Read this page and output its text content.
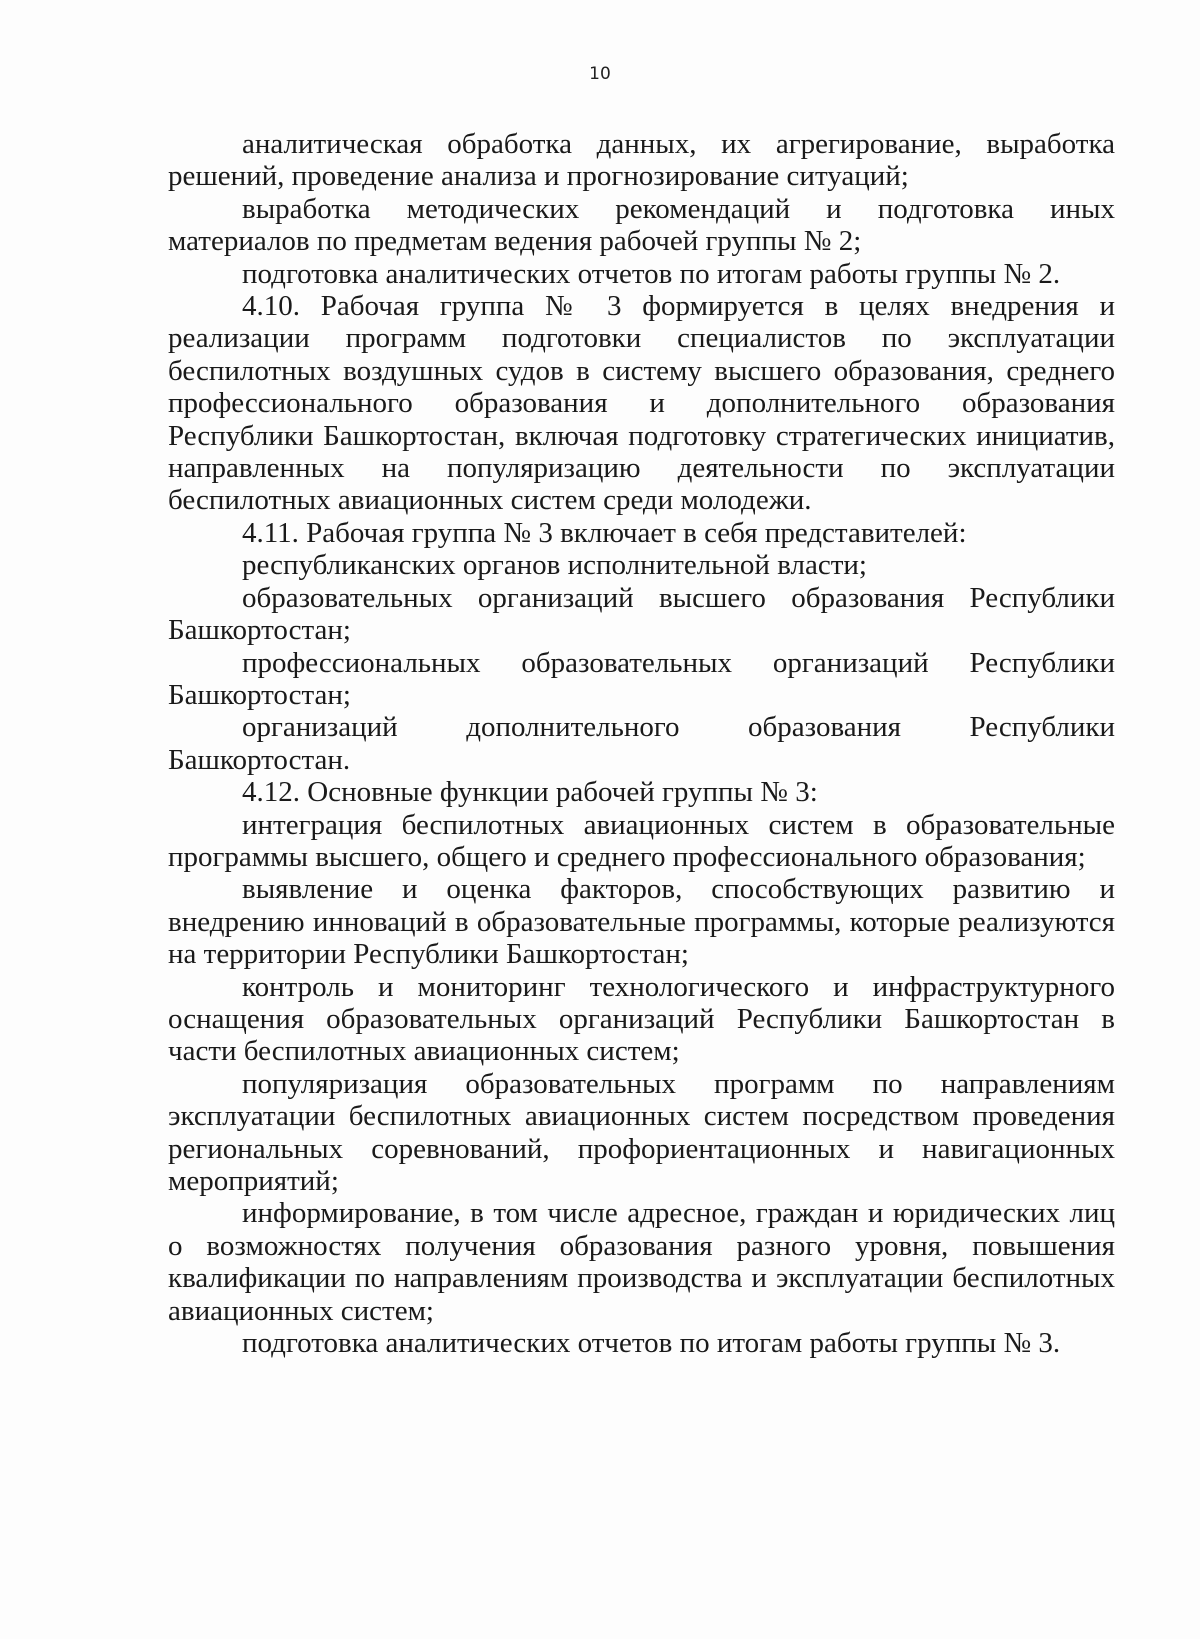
10

аналитическая обработка данных, их агрегирование, выработка решений, проведение анализа и прогнозирование ситуаций;

выработка методических рекомендаций и подготовка иных материалов по предметам ведения рабочей группы № 2;

подготовка аналитических отчетов по итогам работы группы № 2.

4.10. Рабочая группа № 3 формируется в целях внедрения и реализации программ подготовки специалистов по эксплуатации беспилотных воздушных судов в систему высшего образования, среднего профессионального образования и дополнительного образования Республики Башкортостан, включая подготовку стратегических инициатив, направленных на популяризацию деятельности по эксплуатации беспилотных авиационных систем среди молодежи.

4.11. Рабочая группа № 3 включает в себя представителей:

республиканских органов исполнительной власти;

образовательных организаций высшего образования Республики Башкортостан;

профессиональных образовательных организаций Республики Башкортостан;

организаций дополнительного образования Республики Башкортостан.

4.12. Основные функции рабочей группы № 3:

интеграция беспилотных авиационных систем в образовательные программы высшего, общего и среднего профессионального образования;

выявление и оценка факторов, способствующих развитию и внедрению инноваций в образовательные программы, которые реализуются на территории Республики Башкортостан;

контроль и мониторинг технологического и инфраструктурного оснащения образовательных организаций Республики Башкортостан в части беспилотных авиационных систем;

популяризация образовательных программ по направлениям эксплуатации беспилотных авиационных систем посредством проведения региональных соревнований, профориентационных и навигационных мероприятий;

информирование, в том числе адресное, граждан и юридических лиц о возможностях получения образования разного уровня, повышения квалификации по направлениям производства и эксплуатации беспилотных авиационных систем;

подготовка аналитических отчетов по итогам работы группы № 3.
